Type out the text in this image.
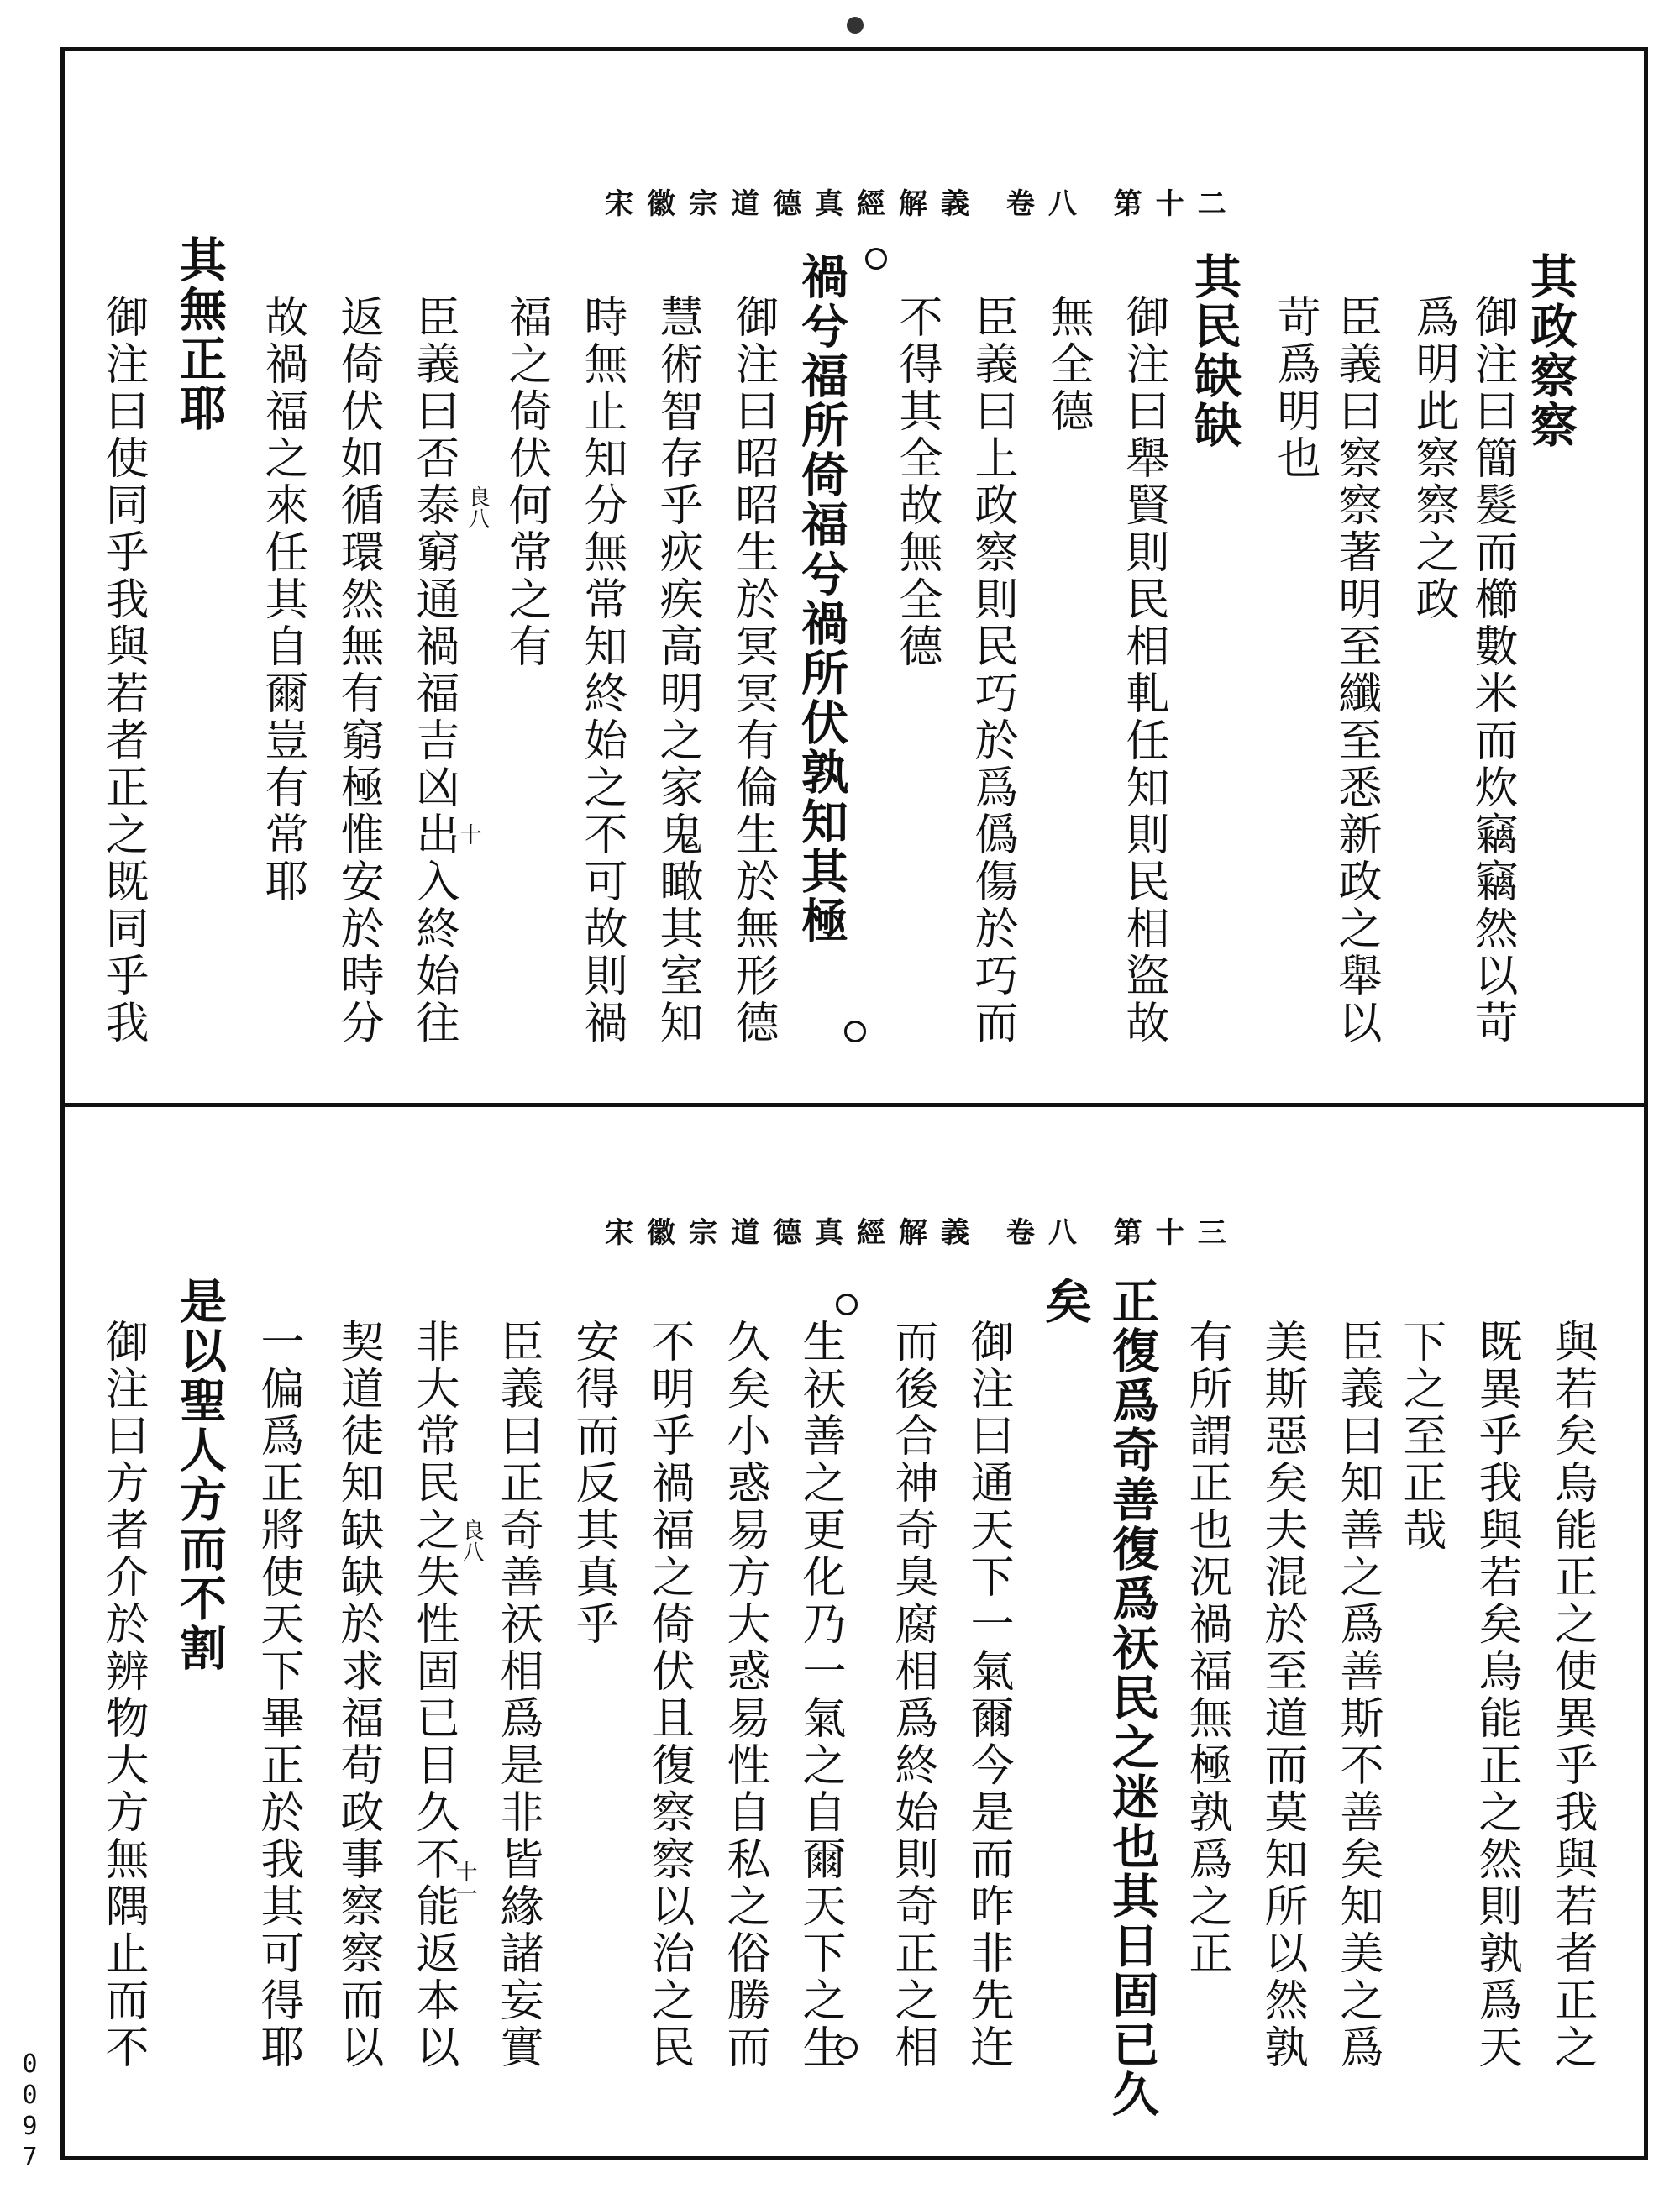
宋徽宗道德真經解義 卷八 第十二
宋徽宗道德真經解義 卷八 第十三
其政察察
御注曰簡髮而櫛數米而炊竊竊然以苛
爲明此察察之政
臣義曰察察著明至纖至悉新政之舉以
苛爲明也
其民缺缺
御注曰舉賢則民相軋任知則民相盜故
無全德
臣義曰上政察則民巧於爲僞傷於巧而
不得其全故無全德
禍兮福所倚福兮禍所伏孰知其極
御注曰昭昭生於冥冥有倫生於無形德
慧術智存乎疢疾高明之家鬼瞰其室知
時無止知分無常知終始之不可故則禍
福之倚伏何常之有
臣義曰否泰窮通禍福吉凶出入終始往
返倚伏如循環然無有窮極惟安於時分
故禍福之來任其自爾豈有常耶
其無正耶
御注曰使同乎我與若者正之既同乎我
與若矣烏能正之使異乎我與若者正之
既異乎我與若矣烏能正之然則孰爲天
下之至正哉
臣義曰知善之爲善斯不善矣知美之爲
美斯惡矣夫混於至道而莫知所以然孰
有所謂正也況禍福無極孰爲之正
正復爲奇善復爲祆民之迷也其日固已久
矣
御注曰通天下一氣爾今是而昨非先迕
而後合神奇臭腐相爲終始則奇正之相
生祆善之更化乃一氣之自爾天下之生
久矣小惑易方大惑易性自私之俗勝而
不明乎禍福之倚伏且復察察以治之民
安得而反其真乎
臣義曰正奇善祆相爲是非皆緣諸妄實
非大常民之失性固已日久不能返本以
契道徒知缺缺於求福苟政事察察而以
一偏爲正將使天下畢正於我其可得耶
是以聖人方而不割
御注曰方者介於辨物大方無隅止而不
良八
十
良八
十一
0097
